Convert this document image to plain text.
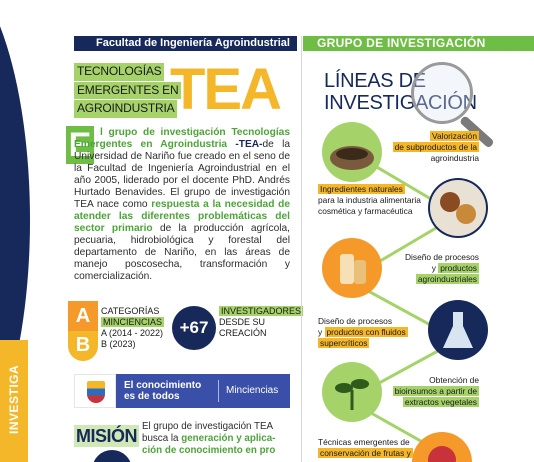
INVESTIGA
Facultad de Ingeniería Agroindustrial
TECNOLOGÍAS
EMERGENTES EN
AGROINDUSTRIA
TEA
E l grupo de investigación Tecnologías Emergentes en Agroindustria -TEA-de la Universidad de Nariño fue creado en el seno de la Facultad de Ingeniería Agroindustrial en el año 2005, liderado por el docente PhD. Andrés Hurtado Benavides. El grupo de investigación TEA nace como respuesta a la necesidad de atender las diferentes problemáticas del sector primario de la producción agrícola, pecuaria, hidrobiológica y forestal del departamento de Nariño, en las áreas de manejo poscosecha, transformación y comercialización.

A
B
CATEGORÍAS
MINCIENCIAS
A (2014 - 2022)
B (2023)
+67
INVESTIGADORES
DESDE SU
CREACIÓN
El conocimiento
es de todos
Minciencias
MISIÓN El grupo de investigación TEA busca la generación y aplica-ción de conocimiento en pro

GRUPO DE INVESTIGACIÓN
LÍNEAS DE
INVESTIGACIÓN
Valorización
de subproductos de la
agroindustria
Ingredientes naturales
para la industria alimentaria
cosmética y farmacéutica
Diseño de procesos
y productos
agroindustriales
Diseño de procesos
y productos con fluidos
supercríticos
Obtención de
bioinsumos a partir de
extractos vegetales
Técnicas emergentes de
conservación de frutas y
